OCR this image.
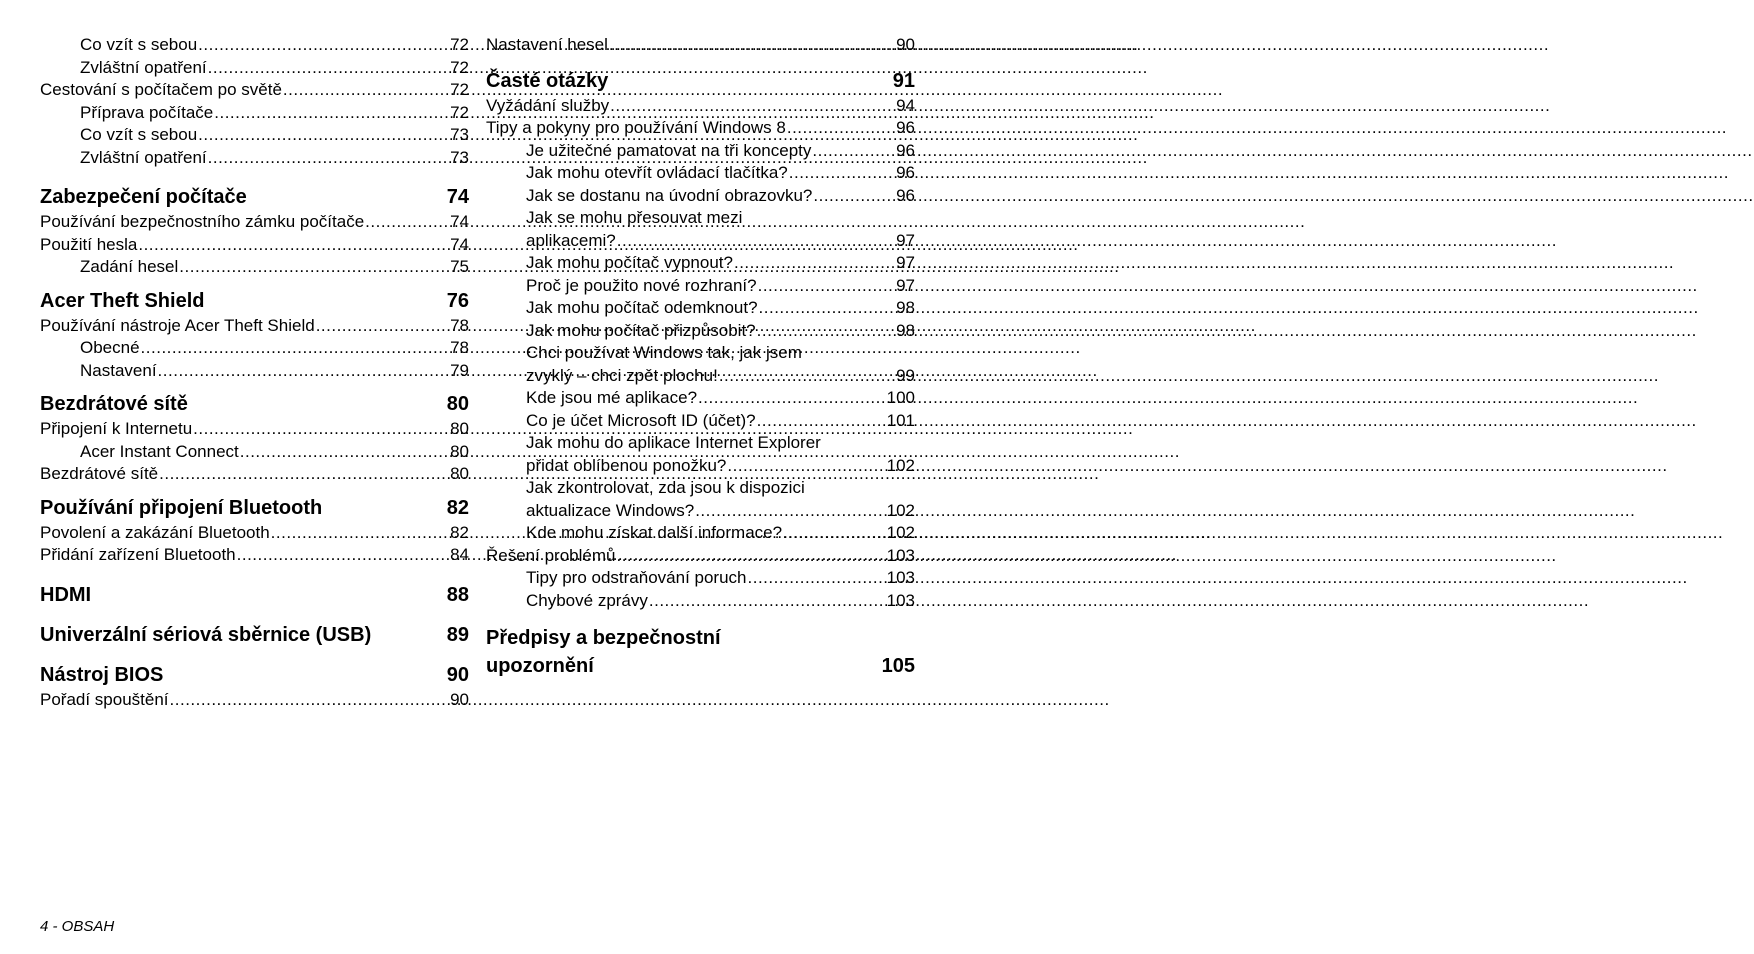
Co vzít s sebou .....	72
Zvláštní opatření .....	72
Cestování s počítačem po světě .....	72
Příprava počítače .....	72
Co vzít s sebou .....	73
Zvláštní opatření .....	73
Zabezpečení počítače	74
Používání bezpečnostního zámku počítače .....	74
Použití hesla .....	74
Zadání hesel .....	75
Acer Theft Shield	76
Používání nástroje Acer Theft Shield .....	78
Obecné .....	78
Nastavení .....	79
Bezdrátové sítě	80
Připojení k Internetu .....	80
Acer Instant Connect .....	80
Bezdrátové sítě .....	80
Používání připojení Bluetooth	82
Povolení a zakázání Bluetooth .....	82
Přidání zařízení Bluetooth .....	84
HDMI	88
Univerzální sériová sběrnice (USB)	89
Nástroj BIOS	90
Pořadí spouštění .....	90
Nastavení hesel .....	90
Časté otázky	91
Vyžádání služby .....	94
Tipy a pokyny pro používání Windows 8 .....	96
Je užitečné pamatovat na tři koncepty .....	96
Jak mohu otevřít ovládací tlačítka? .....	96
Jak se dostanu na úvodní obrazovku? .....	96
Jak se mohu přesouvat mezi
aplikacemi? .....	97
Jak mohu počítač vypnout? .....	97
Proč je použito nové rozhraní? .....	97
Jak mohu počítač odemknout? .....	98
Jak mohu počítač přizpůsobit? .....	98
Chci používat Windows tak, jak jsem
zvyklý – chci zpět plochu! .....	99
Kde jsou mé aplikace? .....	100
Co je účet Microsoft ID (účet)? .....	101
Jak mohu do aplikace Internet Explorer
přidat oblíbenou ponožku? .....	102
Jak zkontrolovat, zda jsou k dispozici
aktualizace Windows? .....	102
Kde mohu získat další informace? .....	102
Řešení problémů .....	103
Tipy pro odstraňování poruch .....	103
Chybové zprávy .....	103
Předpisy a bezpečnostní
upozornění	105
4 - OBSAH
